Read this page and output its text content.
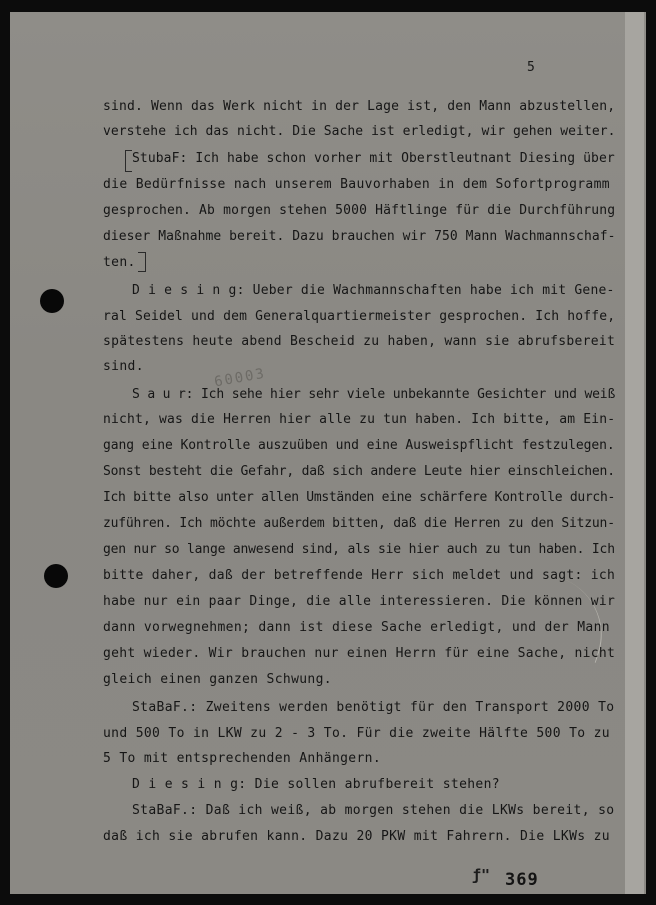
60003
5
sind. Wenn das Werk nicht in der Lage ist, den Mann abzustellen,
verstehe ich das nicht. Die Sache ist erledigt, wir gehen weiter.
StubaF: Ich habe schon vorher mit Oberstleutnant Diesing über
die Bedürfnisse nach unserem Bauvorhaben in dem Sofortprogramm
gesprochen. Ab morgen stehen 5000 Häftlinge für die Durchführung
dieser Maßnahme bereit. Dazu brauchen wir 750 Mann Wachmannschaf-
ten.
D i e s i n g: Ueber die Wachmannschaften habe ich mit Gene-
ral Seidel und dem Generalquartiermeister gesprochen. Ich hoffe,
spätestens heute abend Bescheid zu haben, wann sie abrufsbereit
sind.
S a u r: Ich sehe hier sehr viele unbekannte Gesichter und weiß
nicht, was die Herren hier alle zu tun haben. Ich bitte, am Ein-
gang eine Kontrolle auszuüben und eine Ausweispflicht festzulegen.
Sonst besteht die Gefahr, daß sich andere Leute hier einschleichen.
Ich bitte also unter allen Umständen eine schärfere Kontrolle durch-
zuführen. Ich möchte außerdem bitten, daß die Herren zu den Sitzun-
gen nur so lange anwesend sind, als sie hier auch zu tun haben. Ich
bitte daher, daß der betreffende Herr sich meldet und sagt: ich
habe nur ein paar Dinge, die alle interessieren. Die können wir
dann vorwegnehmen; dann ist diese Sache erledigt, und der Mann
geht wieder. Wir brauchen nur einen Herrn für eine Sache, nicht
gleich einen ganzen Schwung.
StaBaF.: Zweitens werden benötigt für den Transport 2000 To
und 500 To in LKW zu 2 - 3 To. Für die zweite Hälfte 500 To zu
5 To mit entsprechenden Anhängern.
D i e s i n g: Die sollen abrufbereit stehen?
StaBaF.: Daß ich weiß, ab morgen stehen die LKWs bereit, so
daß ich sie abrufen kann. Dazu 20 PKW mit Fahrern. Die LKWs zu
ƒ" 369
